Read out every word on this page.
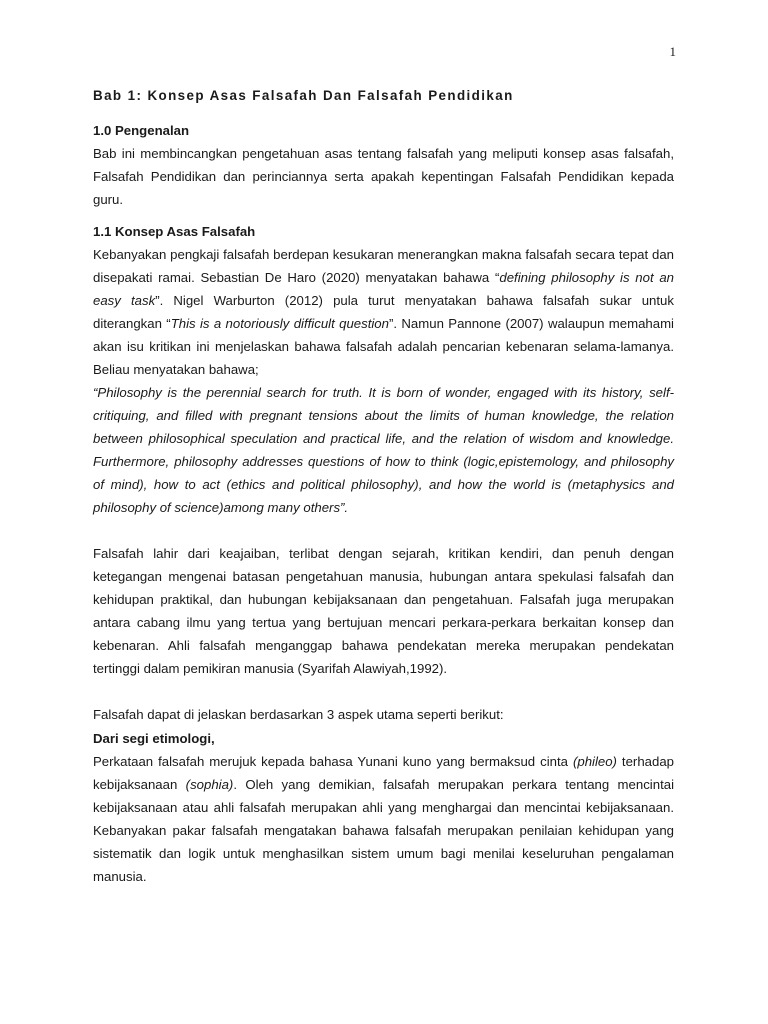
1
Bab 1: Konsep Asas Falsafah Dan Falsafah Pendidikan
1.0 Pengenalan

Bab ini membincangkan pengetahuan asas tentang falsafah yang meliputi konsep asas falsafah, Falsafah Pendidikan dan perinciannya serta apakah kepentingan Falsafah Pendidikan kepada guru.

1.1 Konsep Asas Falsafah

Kebanyakan pengkaji falsafah berdepan kesukaran menerangkan makna falsafah secara tepat dan disepakati ramai. Sebastian De Haro (2020) menyatakan bahawa “defining philosophy is not an easy task”. Nigel Warburton (2012) pula turut menyatakan bahawa falsafah sukar untuk diterangkan “This is a notoriously difficult question”. Namun Pannone (2007) walaupun memahami akan isu kritikan ini menjelaskan bahawa falsafah adalah pencarian kebenaran selama-lamanya. Beliau menyatakan bahawa;

“Philosophy is the perennial search for truth. It is born of wonder, engaged with its history, self-critiquing, and filled with pregnant tensions about the limits of human knowledge, the relation between philosophical speculation and practical life, and the relation of wisdom and knowledge. Furthermore, philosophy addresses questions of how to think (logic,epistemology, and philosophy of mind), how to act (ethics and political philosophy), and how the world is (metaphysics and philosophy of science)among many others”.

Falsafah lahir dari keajaiban, terlibat dengan sejarah, kritikan kendiri, dan penuh dengan ketegangan mengenai batasan pengetahuan manusia, hubungan antara spekulasi falsafah dan kehidupan praktikal, dan hubungan kebijaksanaan dan pengetahuan. Falsafah juga merupakan antara cabang ilmu yang tertua yang bertujuan mencari perkara-perkara berkaitan konsep dan kebenaran. Ahli falsafah menganggap bahawa pendekatan mereka merupakan pendekatan tertinggi dalam pemikiran manusia (Syarifah Alawiyah,1992).

Falsafah dapat di jelaskan berdasarkan 3 aspek utama seperti berikut:

Dari segi etimologi,

Perkataan falsafah merujuk kepada bahasa Yunani kuno yang bermaksud cinta (phileo) terhadap kebijaksanaan (sophia). Oleh yang demikian, falsafah merupakan perkara tentang mencintai kebijaksanaan atau ahli falsafah merupakan ahli yang menghargai dan mencintai kebijaksanaan. Kebanyakan pakar falsafah mengatakan bahawa falsafah merupakan penilaian kehidupan yang sistematik dan logik untuk menghasilkan sistem umum bagi menilai keseluruhan pengalaman manusia.
